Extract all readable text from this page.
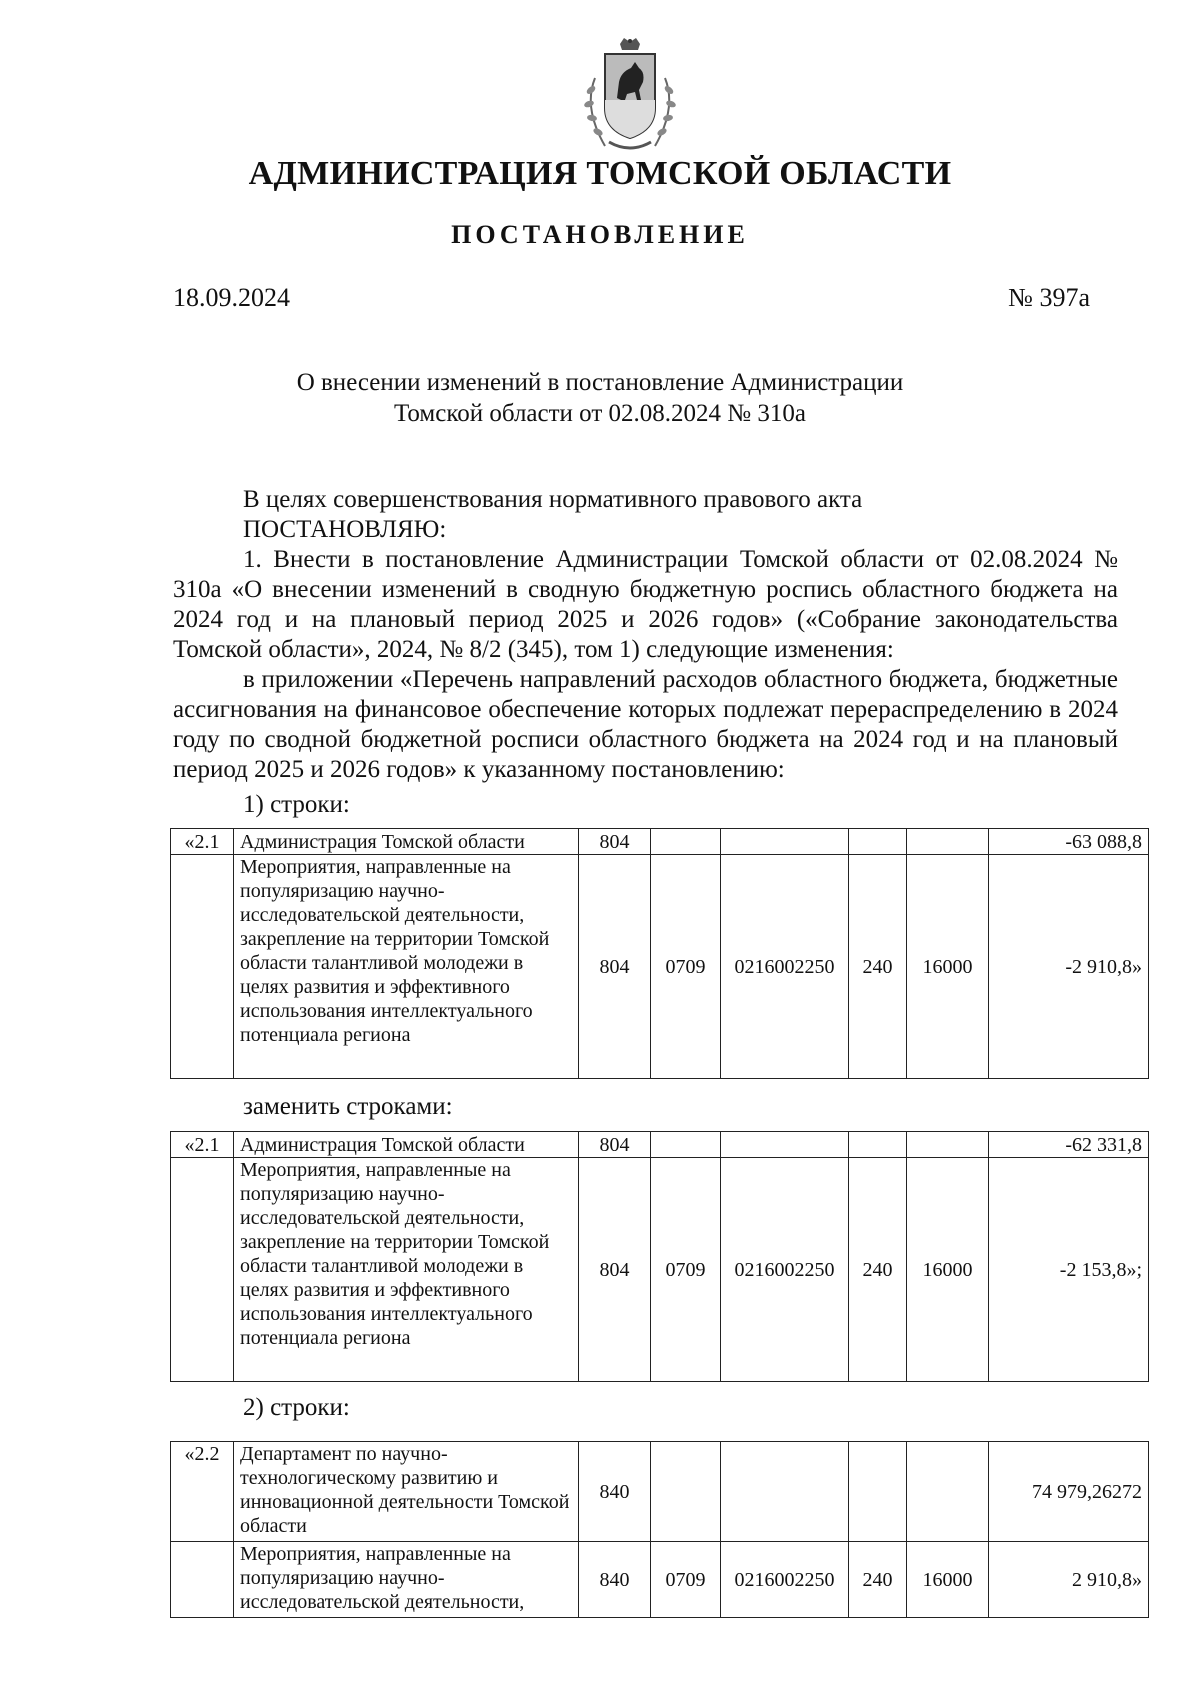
АДМИНИСТРАЦИЯ ТОМСКОЙ ОБЛАСТИ
ПОСТАНОВЛЕНИЕ
18.09.2024	№ 397а
О внесении изменений в постановление Администрации
Томской области от 02.08.2024 № 310а

В целях совершенствования нормативного правового акта

ПОСТАНОВЛЯЮ:

1. Внести в постановление Администрации Томской области от 02.08.2024 № 310а «О внесении изменений в сводную бюджетную роспись областного бюджета на 2024 год и на плановый период 2025 и 2026 годов» («Собрание законодательства Томской области», 2024, № 8/2 (345), том 1) следующие изменения:

в приложении «Перечень направлений расходов областного бюджета, бюджетные ассигнования на финансовое обеспечение которых подлежат перераспределению в 2024 году по сводной бюджетной росписи областного бюджета на 2024 год и на плановый период 2025 и 2026 годов» к указанному постановлению:

1) строки:
«2.1	Администрация Томской области	804					-63 088,8
	Мероприятия, направленные на популяризацию научно-исследовательской деятельности, закрепление на территории Томской области талантливой молодежи в целях развития и эффективного использования интеллектуального потенциала региона	804	0709	0216002250	240	16000	-2 910,8»
заменить строками:
«2.1	Администрация Томской области	804					-62 331,8
	Мероприятия, направленные на популяризацию научно-исследовательской деятельности, закрепление на территории Томской области талантливой молодежи в целях развития и эффективного использования интеллектуального потенциала региона	804	0709	0216002250	240	16000	-2 153,8»;
2) строки:
«2.2	Департамент по научно-технологическому развитию и инновационной деятельности Томской области	840					74 979,26272
	Мероприятия, направленные на популяризацию научно-исследовательской деятельности,	840	0709	0216002250	240	16000	2 910,8»
